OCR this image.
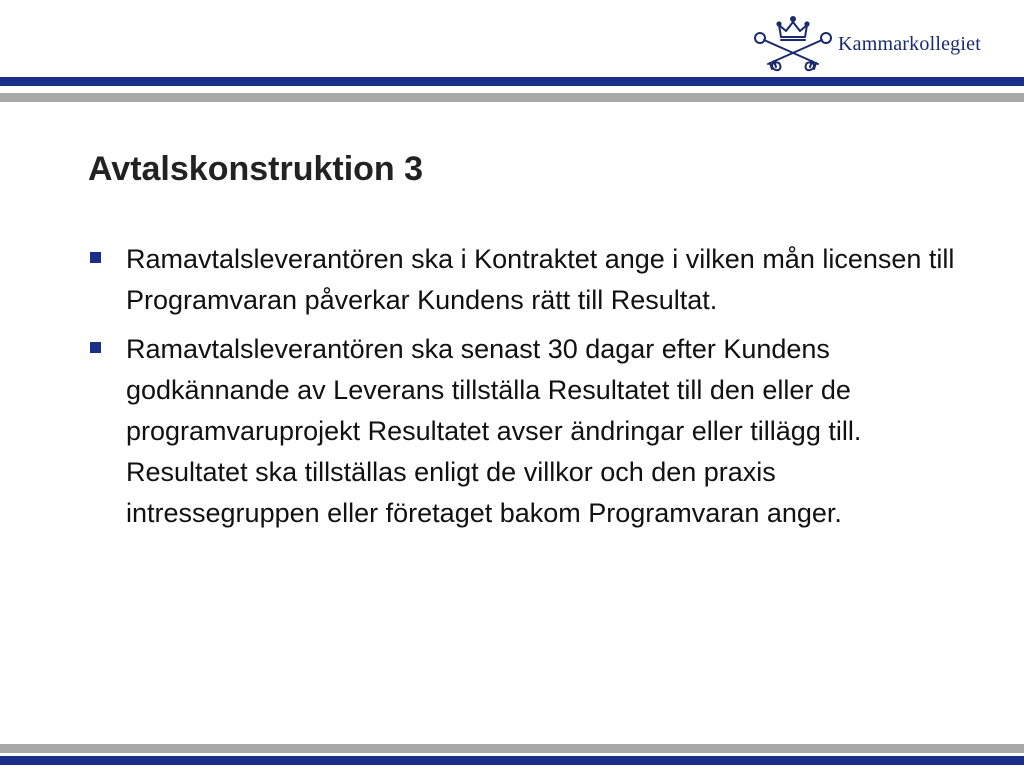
Kammarkollegiet
Avtalskonstruktion 3
Ramavtalsleverantören ska i Kontraktet ange i vilken mån licensen till Programvaran påverkar Kundens rätt till Resultat.
Ramavtalsleverantören ska senast 30 dagar efter Kundens godkännande av Leverans tillställa Resultatet till den eller de programvaruprojekt Resultatet avser ändringar eller tillägg till. Resultatet ska tillställas enligt de villkor och den praxis intressegruppen eller företaget bakom Programvaran anger.
